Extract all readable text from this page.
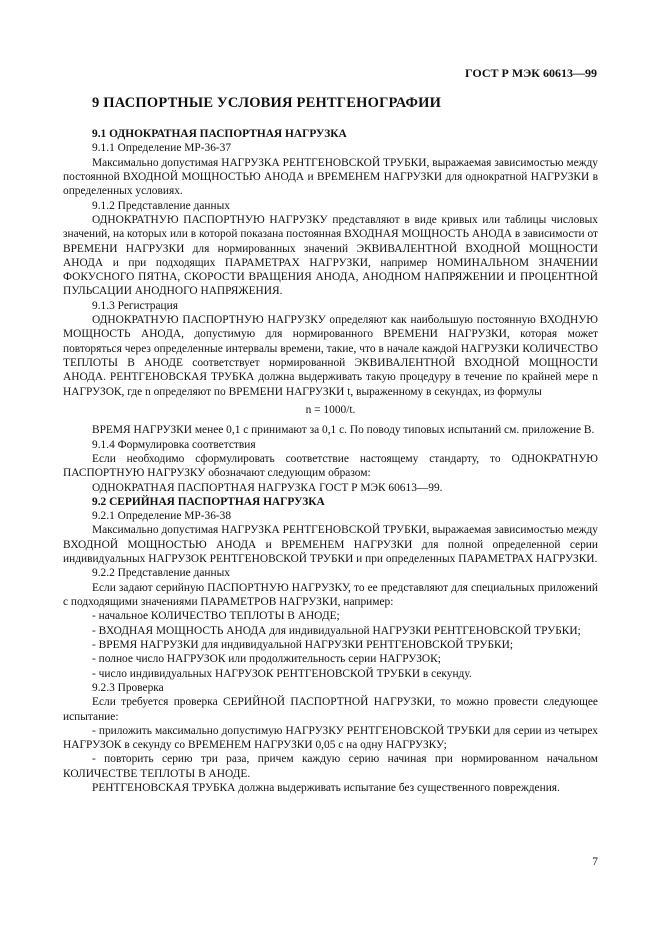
ГОСТ Р МЭК 60613—99
9 ПАСПОРТНЫЕ УСЛОВИЯ РЕНТГЕНОГРАФИИ

9.1 ОДНОКРАТНАЯ ПАСПОРТНАЯ НАГРУЗКА

9.1.1 Определение МР-36-37

Максимально допустимая НАГРУЗКА РЕНТГЕНОВСКОЙ ТРУБКИ, выражаемая зависимостью между постоянной ВХОДНОЙ МОЩНОСТЬЮ АНОДА и ВРЕМЕНЕМ НАГРУЗКИ для однократной НАГРУЗКИ в определенных условиях.

9.1.2 Представление данных

ОДНОКРАТНУЮ ПАСПОРТНУЮ НАГРУЗКУ представляют в виде кривых или таблицы числовых значений, на которых или в которой показана постоянная ВХОДНАЯ МОЩНОСТЬ АНОДА в зависимости от ВРЕМЕНИ НАГРУЗКИ для нормированных значений ЭКВИВАЛЕНТНОЙ ВХОДНОЙ МОЩНОСТИ АНОДА и при подходящих ПАРАМЕТРАХ НАГРУЗКИ, например НОМИНАЛЬНОМ ЗНАЧЕНИИ ФОКУСНОГО ПЯТНА, СКОРОСТИ ВРАЩЕНИЯ АНОДА, АНОДНОМ НАПРЯЖЕНИИ И ПРОЦЕНТНОЙ ПУЛЬСАЦИИ АНОДНОГО НАПРЯЖЕНИЯ.

9.1.3 Регистрация

ОДНОКРАТНУЮ ПАСПОРТНУЮ НАГРУЗКУ определяют как наибольшую постоянную ВХОДНУЮ МОЩНОСТЬ АНОДА, допустимую для нормированного ВРЕМЕНИ НАГРУЗКИ, которая может повторяться через определенные интервалы времени, такие, что в начале каждой НАГРУЗКИ КОЛИЧЕСТВО ТЕПЛОТЫ В АНОДЕ соответствует нормированной ЭКВИВАЛЕНТНОЙ ВХОДНОЙ МОЩНОСТИ АНОДА. РЕНТГЕНОВСКАЯ ТРУБКА должна выдерживать такую процедуру в течение по крайней мере n НАГРУЗОК, где n определяют по ВРЕМЕНИ НАГРУЗКИ t, выраженному в секундах, из формулы

n = 1000/t.

ВРЕМЯ НАГРУЗКИ менее 0,1 с принимают за 0,1 с. По поводу типовых испытаний см. приложение В.

9.1.4 Формулировка соответствия

Если необходимо сформулировать соответствие настоящему стандарту, то ОДНОКРАТНУЮ ПАСПОРТНУЮ НАГРУЗКУ обозначают следующим образом:

ОДНОКРАТНАЯ ПАСПОРТНАЯ НАГРУЗКА ГОСТ Р МЭК 60613—99.

9.2 СЕРИЙНАЯ ПАСПОРТНАЯ НАГРУЗКА

9.2.1 Определение МР-36-38

Максимально допустимая НАГРУЗКА РЕНТГЕНОВСКОЙ ТРУБКИ, выражаемая зависимостью между ВХОДНОЙ МОЩНОСТЬЮ АНОДА и ВРЕМЕНЕМ НАГРУЗКИ для полной определенной серии индивидуальных НАГРУЗОК РЕНТГЕНОВСКОЙ ТРУБКИ и при определенных ПАРАМЕТРАХ НАГРУЗКИ.

9.2.2 Представление данных

Если задают серийную ПАСПОРТНУЮ НАГРУЗКУ, то ее представляют для специальных приложений с подходящими значениями ПАРАМЕТРОВ НАГРУЗКИ, например:

- начальное КОЛИЧЕСТВО ТЕПЛОТЫ В АНОДЕ;

- ВХОДНАЯ МОЩНОСТЬ АНОДА для индивидуальной НАГРУЗКИ РЕНТГЕНОВСКОЙ ТРУБКИ;

- ВРЕМЯ НАГРУЗКИ для индивидуальной НАГРУЗКИ РЕНТГЕНОВСКОЙ ТРУБКИ;

- полное число НАГРУЗОК или продолжительность серии НАГРУЗОК;

- число индивидуальных НАГРУЗОК РЕНТГЕНОВСКОЙ ТРУБКИ в секунду.

9.2.3 Проверка

Если требуется проверка СЕРИЙНОЙ ПАСПОРТНОЙ НАГРУЗКИ, то можно провести следующее испытание:

- приложить максимально допустимую НАГРУЗКУ РЕНТГЕНОВСКОЙ ТРУБКИ для серии из четырех НАГРУЗОК в секунду со ВРЕМЕНЕМ НАГРУЗКИ 0,05 с на одну НАГРУЗКУ;

- повторить серию три раза, причем каждую серию начиная при нормированном начальном КОЛИЧЕСТВЕ ТЕПЛОТЫ В АНОДЕ.

РЕНТГЕНОВСКАЯ ТРУБКА должна выдерживать испытание без существенного повреждения.

7
